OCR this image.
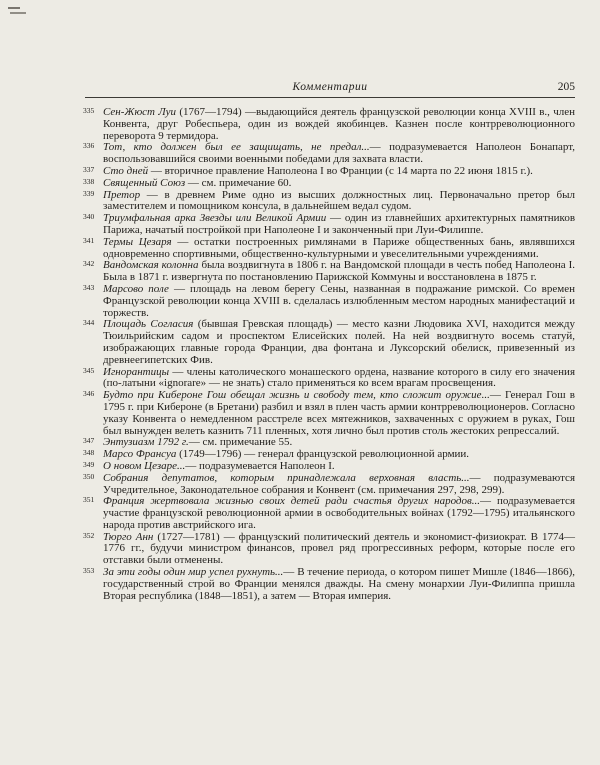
Комментарии	205
335 Сен-Жюст Луи (1767—1794) —выдающийся деятель французской революции конца XVIII в., член Конвента, друг Робеспьера, один из вождей якобинцев. Казнен после контрреволюционного переворота 9 термидора.
336 Тот, кто должен был ее защищать, не предал...— подразумевается Наполеон Бонапарт, воспользовавшийся своими военными победами для захвата власти.
337 Сто дней — вторичное правление Наполеона I во Франции (с 14 марта по 22 июня 1815 г.).
338 Священный Союз — см. примечание 60.
339 Претор — в древнем Риме одно из высших должностных лиц. Первоначально претор был заместителем и помощником консула, в дальнейшем ведал судом.
340 Триумфальная арка Звезды или Великой Армии — один из главнейших архитектурных памятников Парижа, начатый постройкой при Наполеоне I и законченный при Луи-Филиппе.
341 Термы Цезаря — остатки построенных римлянами в Париже общественных бань, являвшихся одновременно спортивными, общественно-культурными и увеселительными учреждениями.
342 Вандомская колонна была воздвигнута в 1806 г. на Вандомской площади в честь побед Наполеона I. Была в 1871 г. извергнута по постановлению Парижской Коммуны и восстановлена в 1875 г.
343 Марсово поле — площадь на левом берегу Сены, названная в подражание римской. Со времен Французской революции конца XVIII в. сделалась излюбленным местом народных манифестаций и торжеств.
344 Площадь Согласия (бывшая Гревская площадь) — место казни Людовика XVI, находится между Тюильрийским садом и проспектом Елисейских полей. На ней воздвигнуто восемь статуй, изображающих главные города Франции, два фонтана и Луксорский обелиск, привезенный из древнеегипетских Фив.
345 Игнорантицы — члены католического монашеского ордена, название которого в силу его значения (по-латыни «ignorare» — не знать) стало применяться ко всем врагам просвещения.
346 Будто при Кибероне Гош обещал жизнь и свободу тем, кто сложит оружие...— Генерал Гош в 1795 г. при Кибероне (в Бретани) разбил и взял в плен часть армии контрреволюционеров. Согласно указу Конвента о немедленном расстреле всех мятежников, захваченных с оружием в руках, Гош был вынужден велеть казнить 711 пленных, хотя лично был против столь жестоких репрессалий.
347 Энтузиазм 1792 г.— см. примечание 55.
348 Марсо Франсуа (1749—1796) — генерал французской революционной армии.
349 О новом Цезаре...— подразумевается Наполеон I.
350 Собрания депутатов, которым принадлежала верховная власть...— подразумеваются Учредительное, Законодательное собрания и Конвент (см. примечания 297, 298, 299).
351 Франция жертвовала жизнью своих детей ради счастья других народов...— подразумевается участие французской революционной армии в освободительных войнах (1792—1795) итальянского народа против австрийского ига.
352 Тюрго Анн (1727—1781) — французский политический деятель и экономист-физиократ. В 1774—1776 гг., будучи министром финансов, провел ряд прогрессивных реформ, которые после его отставки были отменены.
353 За эти годы один мир успел рухнуть...— В течение периода, о котором пишет Мишле (1846—1866), государственный строй во Франции менялся дважды. На смену монархии Луи-Филиппа пришла Вторая республика (1848—1851), а затем — Вторая империя.
